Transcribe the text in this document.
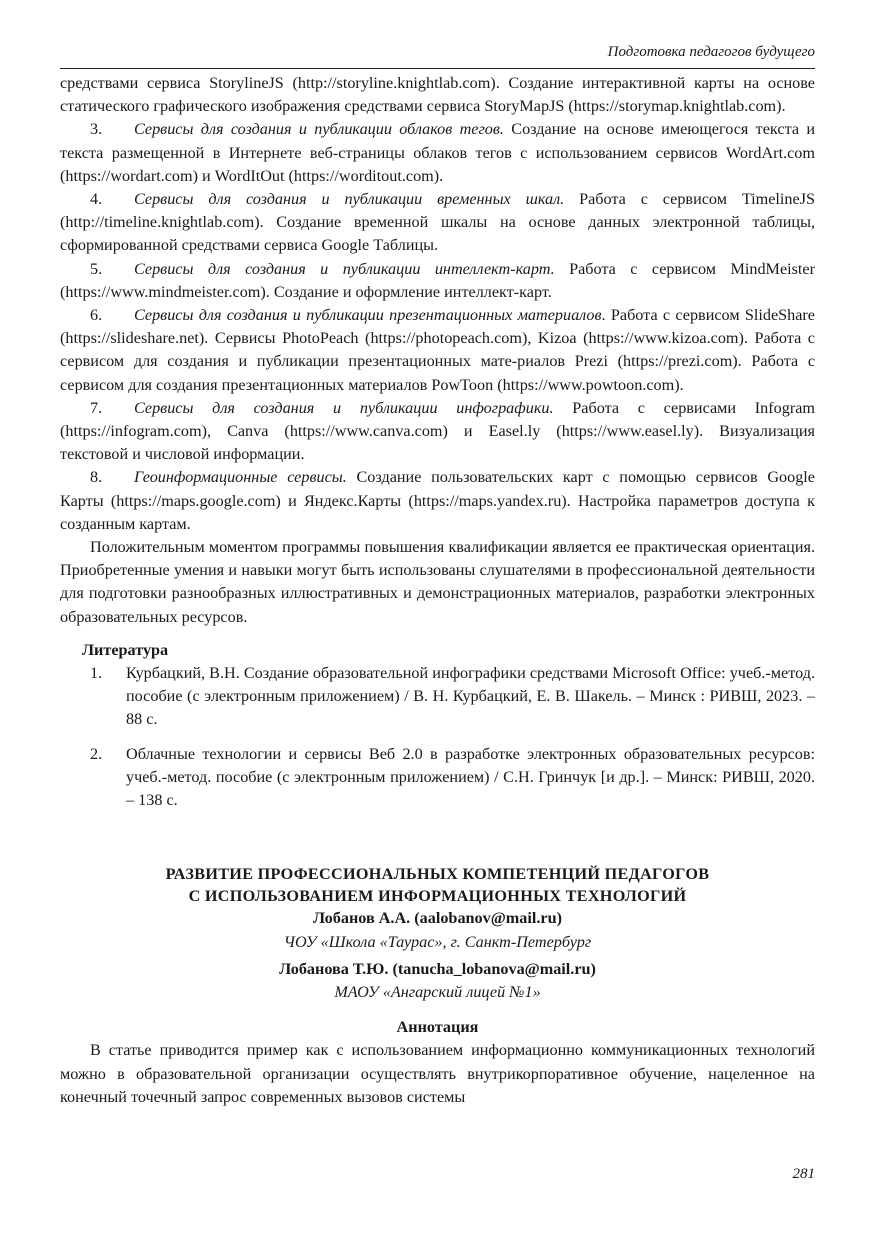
Подготовка педагогов будущего

средствами сервиса StorylineJS (http://storyline.knightlab.com). Создание интерактивной карты на основе статического графического изображения средствами сервиса StoryMapJS (https://storymap.knightlab.com).

3. Сервисы для создания и публикации облаков тегов. Создание на основе имеющегося текста и текста размещенной в Интернете веб-страницы облаков тегов с использованием сервисов WordArt.com (https://wordart.com) и WordItOut (https://worditout.com).

4. Сервисы для создания и публикации временных шкал. Работа с сервисом TimelineJS (http://timeline.knightlab.com). Создание временной шкалы на основе данных электронной таблицы, сформированной средствами сервиса Google Таблицы.

5. Сервисы для создания и публикации интеллект-карт. Работа с сервисом MindMeister (https://www.mindmeister.com). Создание и оформление интеллект-карт.

6. Сервисы для создания и публикации презентационных материалов. Работа с сервисом SlideShare (https://slideshare.net). Сервисы PhotoPeach (https://photopeach.com), Kizoa (https://www.kizoa.com). Работа с сервисом для создания и публикации презентационных мате-риалов Prezi (https://prezi.com). Работа с сервисом для создания презентационных материалов PowToon (https://www.powtoon.com).

7. Сервисы для создания и публикации инфографики. Работа с сервисами Infogram (https://infogram.com), Canva (https://www.canva.com) и Easel.ly (https://www.easel.ly). Визуализация текстовой и числовой информации.

8. Геоинформационные сервисы. Создание пользовательских карт с помощью сервисов Google Карты (https://maps.google.com) и Яндекс.Карты (https://maps.yandex.ru). Настройка параметров доступа к созданным картам.

Положительным моментом программы повышения квалификации является ее практическая ориентация. Приобретенные умения и навыки могут быть использованы слушателями в профессиональной деятельности для подготовки разнообразных иллюстративных и демонстрационных материалов, разработки электронных образовательных ресурсов.

Литература
1. Курбацкий, В.Н. Создание образовательной инфографики средствами Microsoft Office: учеб.-метод. пособие (с электронным приложением) / В. Н. Курбацкий, Е. В. Шакель. – Минск : РИВШ, 2023. – 88 с.
2. Облачные технологии и сервисы Веб 2.0 в разработке электронных образовательных ресурсов: учеб.-метод. пособие (с электронным приложением) / С.Н. Гринчук [и др.]. – Минск: РИВШ, 2020. – 138 с.
РАЗВИТИЕ ПРОФЕССИОНАЛЬНЫХ КОМПЕТЕНЦИЙ ПЕДАГОГОВ
С ИСПОЛЬЗОВАНИЕМ ИНФОРМАЦИОННЫХ ТЕХНОЛОГИЙ
Лобанов А.А. (aalobanov@mail.ru)
ЧОУ «Школа «Таурас», г. Санкт-Петербург
Лобанова Т.Ю. (tanucha_lobanova@mail.ru)
МАОУ «Ангарский лицей №1»
Аннотация

В статье приводится пример как с использованием информационно коммуникационных технологий можно в образовательной организации осуществлять внутрикорпоративное обучение, нацеленное на конечный точечный запрос современных вызовов системы

281
